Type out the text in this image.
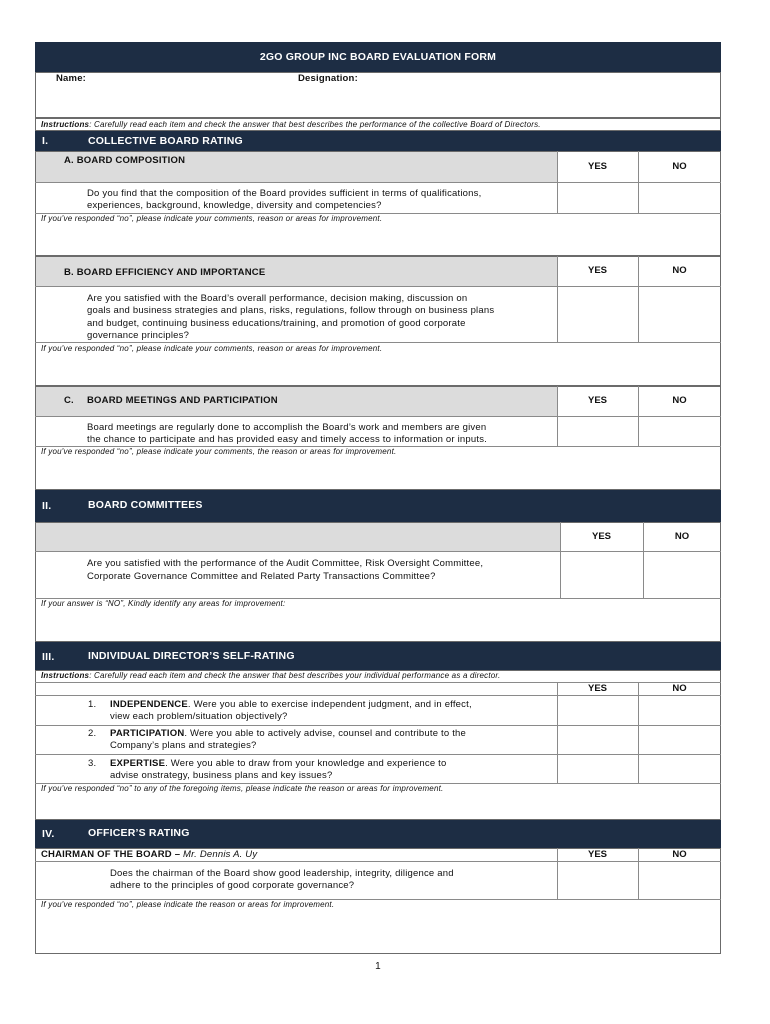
2GO GROUP INC BOARD EVALUATION FORM
Name:	Designation:
Instructions: Carefully read each item and check the answer that best describes the performance of the collective Board of Directors.
I.	COLLECTIVE BOARD RATING
A. BOARD COMPOSITION
YES	NO
Do you find that the composition of the Board provides sufficient in terms of qualifications,
experiences, background, knowledge, diversity and competencies?
If you've responded “no”, please indicate your comments, reason or areas for improvement.
B. BOARD EFFICIENCY AND IMPORTANCE	YES	NO
Are you satisfied with the Board’s overall performance, decision making, discussion on
goals and business strategies and plans, risks, regulations, follow through on business plans
and budget, continuing business educations/training, and promotion of good corporate
governance principles?
If you've responded “no”, please indicate your comments, reason or areas for improvement.
C. BOARD MEETINGS AND PARTICIPATION	YES	NO
Board meetings are regularly done to accomplish the Board’s work and members are given
the chance to participate and has provided easy and timely access to information or inputs.
If you've responded “no”, please indicate your comments, the reason or areas for improvement.
II.	BOARD COMMITTEES
YES	NO
Are you satisfied with the performance of the Audit Committee, Risk Oversight Committee,
Corporate Governance Committee and Related Party Transactions Committee?
If your answer is “NO”, Kindly identify any areas for improvement:
III.	INDIVIDUAL DIRECTOR’S SELF-RATING
Instructions: Carefully read each item and check the answer that best describes your individual performance as a director.
YES	NO
1. INDEPENDENCE. Were you able to exercise independent judgment, and in effect,
view each problem/situation objectively?
2. PARTICIPATION. Were you able to actively advise, counsel and contribute to the
Company’s plans and strategies?
3. EXPERTISE. Were you able to draw from your knowledge and experience to
advise onstrategy, business plans and key issues?
If you've responded “no” to any of the foregoing items, please indicate the reason or areas for improvement.
IV.	OFFICER’S RATING
CHAIRMAN OF THE BOARD – Mr. Dennis A. Uy	YES	NO
Does the chairman of the Board show good leadership, integrity, diligence and
adhere to the principles of good corporate governance?
If you've responded “no”, please indicate the reason or areas for improvement.
1
